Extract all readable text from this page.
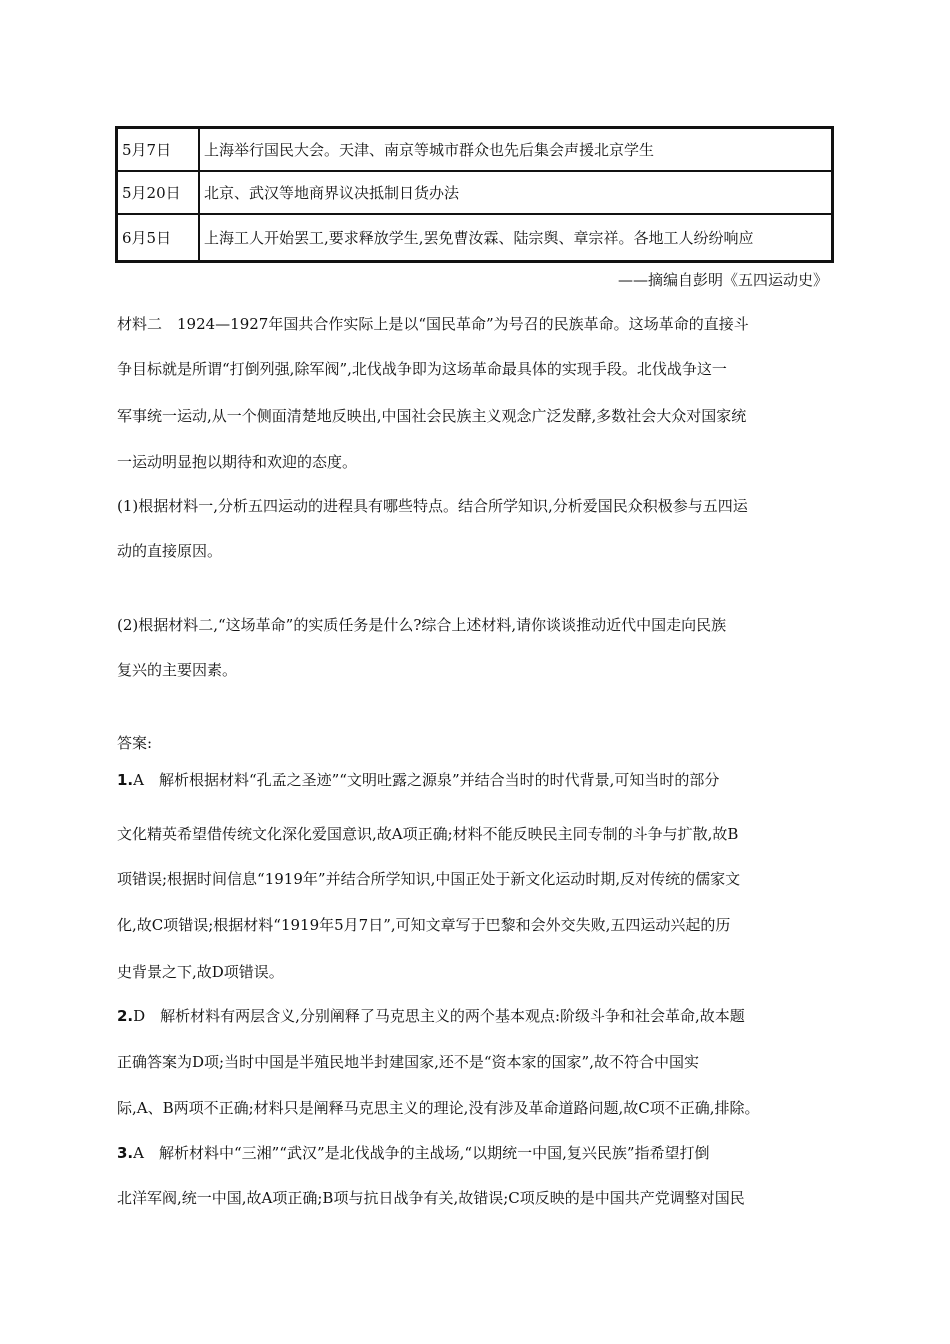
5月7日	上海举行国民大会。天津、南京等城市群众也先后集会声援北京学生
5月20日	北京、武汉等地商界议决抵制日货办法
6月5日	上海工人开始罢工,要求释放学生,罢免曹汝霖、陆宗舆、章宗祥。各地工人纷纷响应
——摘编自彭明《五四运动史》
材料二　1924—1927年国共合作实际上是以“国民革命”为号召的民族革命。这场革命的直接斗
争目标就是所谓“打倒列强,除军阀”,北伐战争即为这场革命最具体的实现手段。北伐战争这一
军事统一运动,从一个侧面清楚地反映出,中国社会民族主义观念广泛发酵,多数社会大众对国家统
一运动明显抱以期待和欢迎的态度。
(1)根据材料一,分析五四运动的进程具有哪些特点。结合所学知识,分析爱国民众积极参与五四运
动的直接原因。
(2)根据材料二,“这场革命”的实质任务是什么?综合上述材料,请你谈谈推动近代中国走向民族
复兴的主要因素。
答案:
1.A　解析根据材料“孔孟之圣迹”“文明吐露之源泉”并结合当时的时代背景,可知当时的部分
文化精英希望借传统文化深化爱国意识,故A项正确;材料不能反映民主同专制的斗争与扩散,故B
项错误;根据时间信息“1919年”并结合所学知识,中国正处于新文化运动时期,反对传统的儒家文
化,故C项错误;根据材料“1919年5月7日”,可知文章写于巴黎和会外交失败,五四运动兴起的历
史背景之下,故D项错误。
2.D　解析材料有两层含义,分别阐释了马克思主义的两个基本观点:阶级斗争和社会革命,故本题
正确答案为D项;当时中国是半殖民地半封建国家,还不是“资本家的国家”,故不符合中国实
际,A、B两项不正确;材料只是阐释马克思主义的理论,没有涉及革命道路问题,故C项不正确,排除。
3.A　解析材料中“三湘”“武汉”是北伐战争的主战场,“以期统一中国,复兴民族”指希望打倒
北洋军阀,统一中国,故A项正确;B项与抗日战争有关,故错误;C项反映的是中国共产党调整对国民
